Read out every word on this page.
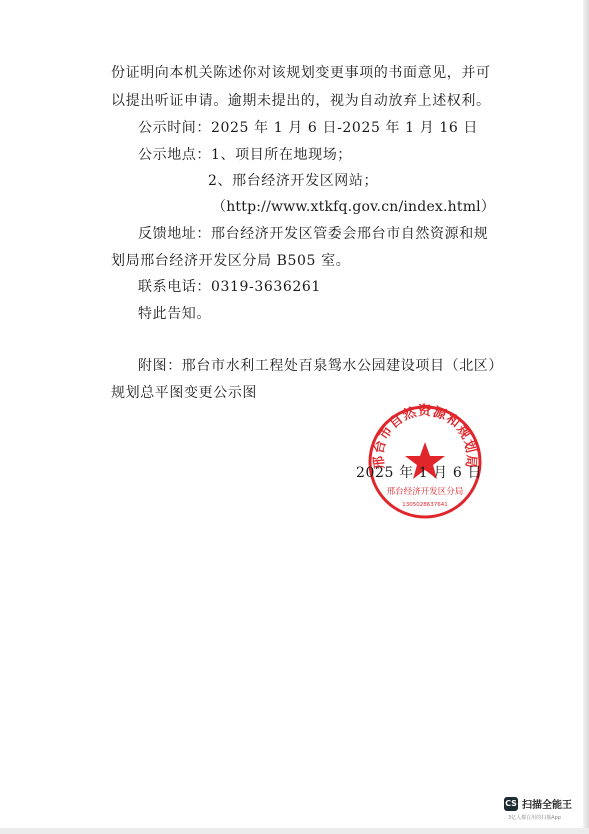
份证明向本机关陈述你对该规划变更事项的书面意见，并可
以提出听证申请。逾期未提出的，视为自动放弃上述权利。
公示时间：2025 年 1 月 6 日-2025 年 1 月 16 日
公示地点：1、项目所在地现场；
2、邢台经济开发区网站；
（http://www.xtkfq.gov.cn/index.html）
反馈地址：邢台经济开发区管委会邢台市自然资源和规
划局邢台经济开发区分局 B505 室。
联系电话：0319-3636261
特此告知。
附图：邢台市水利工程处百泉鸳水公园建设项目（北区）
规划总平图变更公示图
邢台市自然资源和规划局
邢台经济开发区分局
1305028637641
2025 年 1 月 6 日
CS 扫描全能王
3亿人都在用的扫描App
